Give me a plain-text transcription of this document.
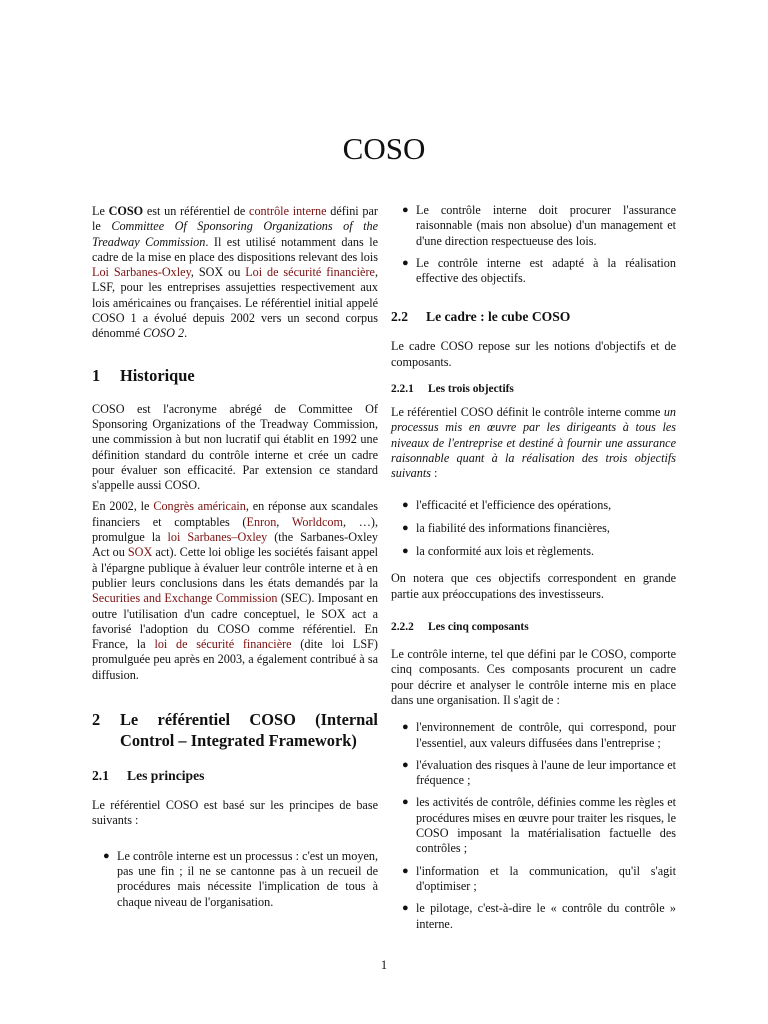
COSO

Le COSO est un référentiel de contrôle interne défini par le Committee Of Sponsoring Organizations of the Treadway Commission. Il est utilisé notamment dans le cadre de la mise en place des dispositions relevant des lois Loi Sarbanes-Oxley, SOX ou Loi de sécurité financière, LSF, pour les entreprises assujetties respectivement aux lois américaines ou françaises. Le référentiel initial appelé COSO 1 a évolué depuis 2002 vers un second corpus dénommé COSO 2.

1	Historique

COSO est l'acronyme abrégé de Committee Of Sponsoring Organizations of the Treadway Commission, une commission à but non lucratif qui établit en 1992 une définition standard du contrôle interne et crée un cadre pour évaluer son efficacité. Par extension ce standard s'appelle aussi COSO.

En 2002, le Congrès américain, en réponse aux scandales financiers et comptables (Enron, Worldcom, …), promulgue la loi Sarbanes–Oxley (the Sarbanes-Oxley Act ou SOX act). Cette loi oblige les sociétés faisant appel à l'épargne publique à évaluer leur contrôle interne et à en publier leurs conclusions dans les états demandés par la Securities and Exchange Commission (SEC). Imposant en outre l'utilisation d'un cadre conceptuel, le SOX act a favorisé l'adoption du COSO comme référentiel. En France, la loi de sécurité financière (dite loi LSF) promulguée peu après en 2003, a également contribué à sa diffusion.

2	Le référentiel COSO (Internal Control – Integrated Framework)
2.1	Les principes

Le référentiel COSO est basé sur les principes de base suivants :

● Le contrôle interne est un processus : c'est un moyen, pas une fin ; il ne se cantonne pas à un recueil de procédures mais nécessite l'implication de tous à chaque niveau de l'organisation.
● Le contrôle interne doit procurer l'assurance raisonnable (mais non absolue) d'un management et d'une direction respectueuse des lois.
● Le contrôle interne est adapté à la réalisation effective des objectifs.
2.2	Le cadre : le cube COSO

Le cadre COSO repose sur les notions d'objectifs et de composants.

2.2.1	Les trois objectifs

Le référentiel COSO définit le contrôle interne comme un processus mis en œuvre par les dirigeants à tous les niveaux de l'entreprise et destiné à fournir une assurance raisonnable quant à la réalisation des trois objectifs suivants :

● l'efficacité et l'efficience des opérations,
● la fiabilité des informations financières,
● la conformité aux lois et règlements.

On notera que ces objectifs correspondent en grande partie aux préoccupations des investisseurs.

2.2.2	Les cinq composants

Le contrôle interne, tel que défini par le COSO, comporte cinq composants. Ces composants procurent un cadre pour décrire et analyser le contrôle interne mis en place dans une organisation. Il s'agit de :

● l'environnement de contrôle, qui correspond, pour l'essentiel, aux valeurs diffusées dans l'entreprise ;
● l'évaluation des risques à l'aune de leur importance et fréquence ;
● les activités de contrôle, définies comme les règles et procédures mises en œuvre pour traiter les risques, le COSO imposant la matérialisation factuelle des contrôles ;
● l'information et la communication, qu'il s'agit d'optimiser ;
● le pilotage, c'est-à-dire le « contrôle du contrôle » interne.
1
